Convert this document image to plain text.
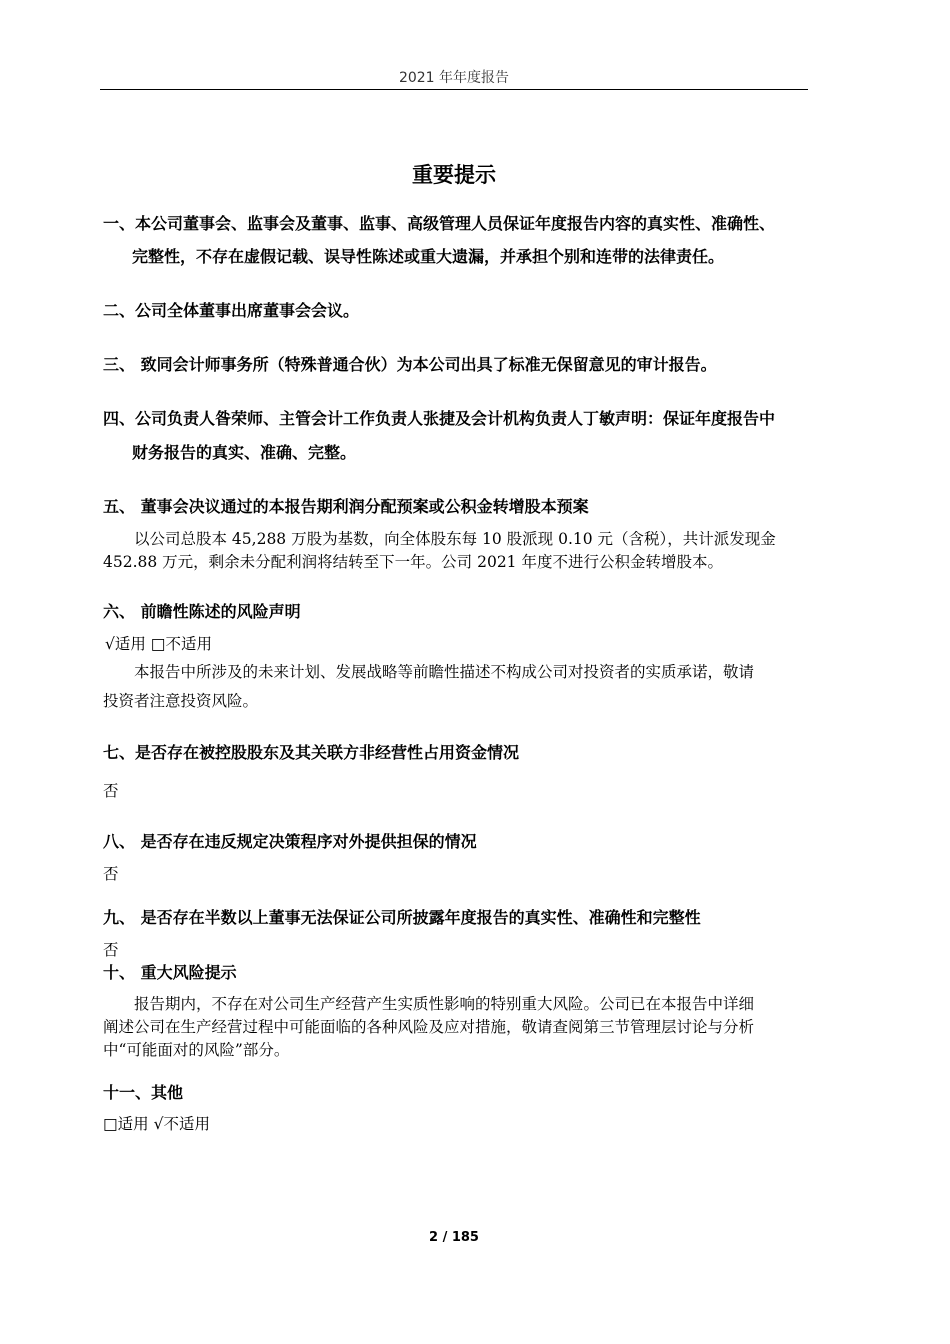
2021 年年度报告
重要提示
一、本公司董事会、监事会及董事、监事、高级管理人员保证年度报告内容的真实性、准确性、
完整性，不存在虚假记载、误导性陈述或重大遗漏，并承担个别和连带的法律责任。
二、公司全体董事出席董事会会议。
三、 致同会计师事务所（特殊普通合伙）为本公司出具了标准无保留意见的审计报告。
四、公司负责人昝荣师、主管会计工作负责人张捷及会计机构负责人丁敏声明：保证年度报告中
财务报告的真实、准确、完整。
五、 董事会决议通过的本报告期利润分配预案或公积金转增股本预案
以公司总股本 45,288 万股为基数，向全体股东每 10 股派现 0.10 元（含税），共计派发现金
452.88 万元，剩余未分配利润将结转至下一年。公司 2021 年度不进行公积金转增股本。
六、 前瞻性陈述的风险声明
√适用 □不适用
本报告中所涉及的未来计划、发展战略等前瞻性描述不构成公司对投资者的实质承诺，敬请
投资者注意投资风险。
七、是否存在被控股股东及其关联方非经营性占用资金情况
否
八、 是否存在违反规定决策程序对外提供担保的情况
否
九、 是否存在半数以上董事无法保证公司所披露年度报告的真实性、准确性和完整性
否
十、 重大风险提示
报告期内，不存在对公司生产经营产生实质性影响的特别重大风险。公司已在本报告中详细
阐述公司在生产经营过程中可能面临的各种风险及应对措施，敬请查阅第三节管理层讨论与分析
中“可能面对的风险”部分。
十一、其他
□适用 √不适用
2 / 185
